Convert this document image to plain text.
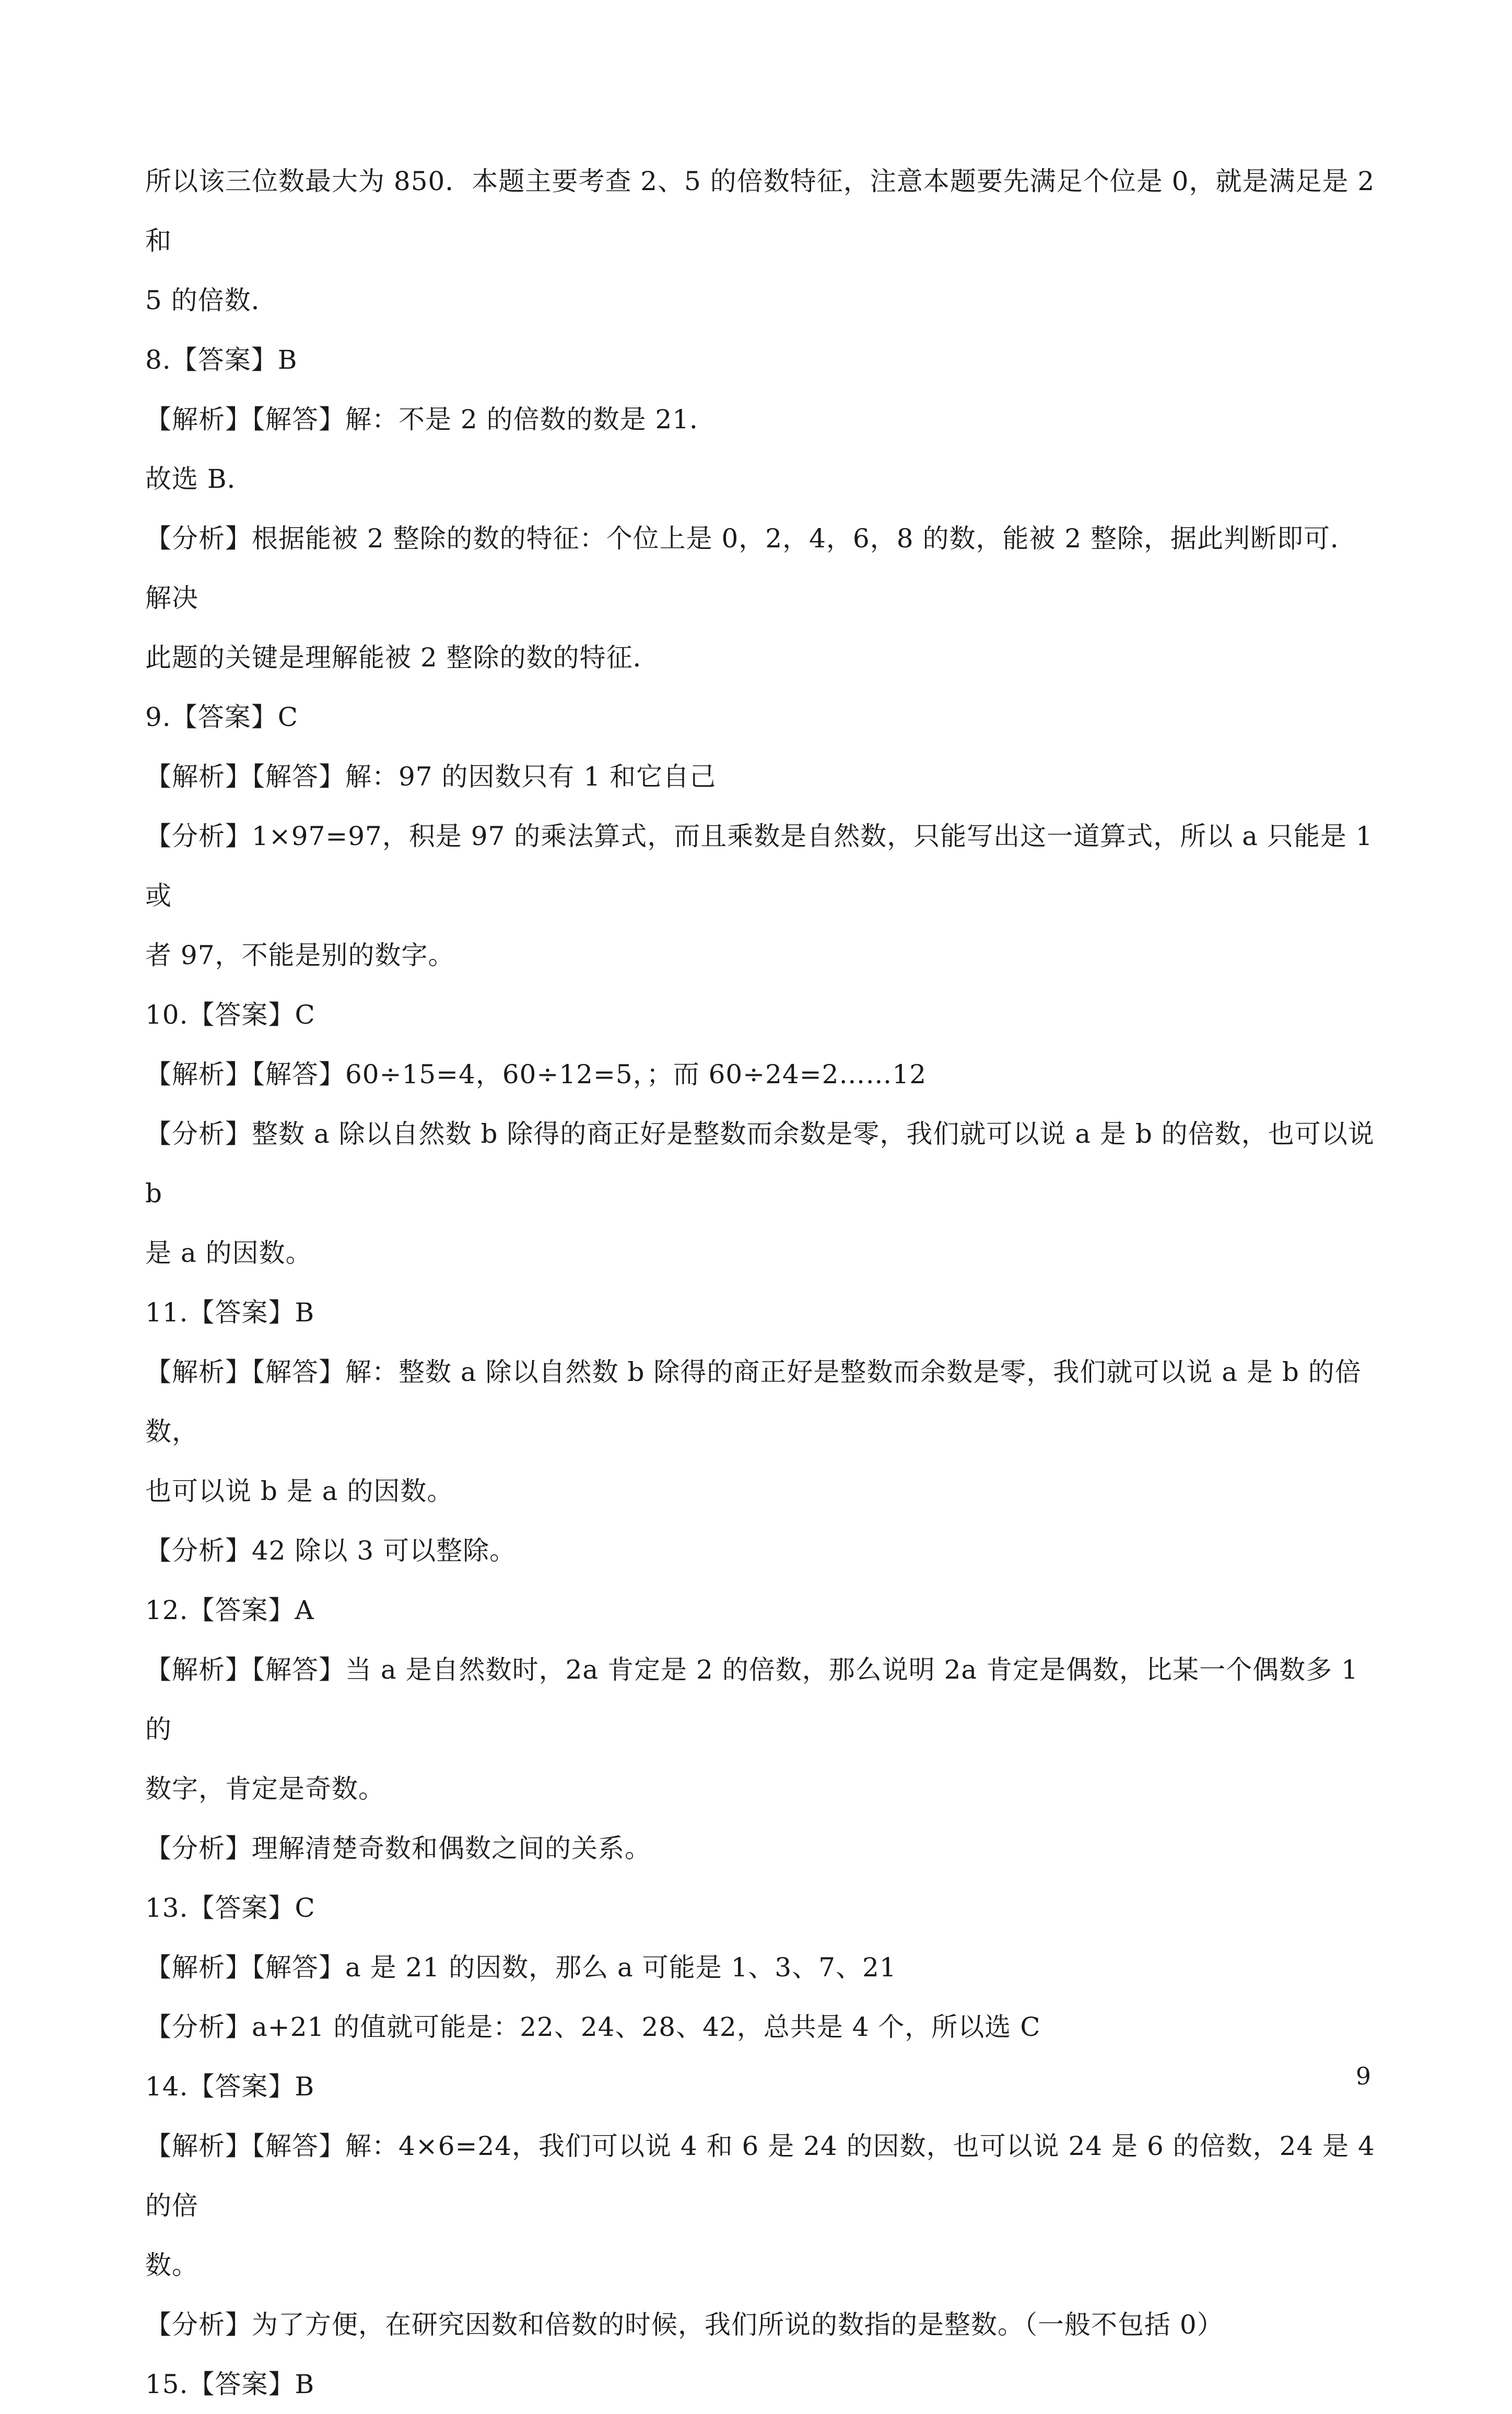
所以该三位数最大为 850．本题主要考查 2、5 的倍数特征，注意本题要先满足个位是 0，就是满足是 2 和
5 的倍数．
8.【答案】B
【解析】【解答】解：不是 2 的倍数的数是 21．
故选 B．
【分析】根据能被 2 整除的数的特征：个位上是 0，2，4，6，8 的数，能被 2 整除，据此判断即可．解决
此题的关键是理解能被 2 整除的数的特征．
9.【答案】C
【解析】【解答】解：97 的因数只有 1 和它自己
【分析】1×97=97，积是 97 的乘法算式，而且乘数是自然数，只能写出这一道算式，所以 a 只能是 1 或
者 97，不能是别的数字。
10.【答案】C
【解析】【解答】60÷15=4，60÷12=5，；而 60÷24=2……12
【分析】整数 a 除以自然数 b 除得的商正好是整数而余数是零，我们就可以说 a 是 b 的倍数，也可以说 b
是 a 的因数。
11.【答案】B
【解析】【解答】解：整数 a 除以自然数 b 除得的商正好是整数而余数是零，我们就可以说 a 是 b 的倍数，
也可以说 b 是 a 的因数。
【分析】42 除以 3 可以整除。
12.【答案】A
【解析】【解答】当 a 是自然数时，2a 肯定是 2 的倍数，那么说明 2a 肯定是偶数，比某一个偶数多 1 的
数字，肯定是奇数。
【分析】理解清楚奇数和偶数之间的关系。
13.【答案】C
【解析】【解答】a 是 21 的因数，那么 a 可能是 1、3、7、21
【分析】a+21 的值就可能是：22、24、28、42，总共是 4 个，所以选 C
14.【答案】B
【解析】【解答】解：4×6=24，我们可以说 4 和 6 是 24 的因数，也可以说 24 是 6 的倍数，24 是 4 的倍
数。
【分析】为了方便，在研究因数和倍数的时候，我们所说的数指的是整数。（一般不包括 0）
15.【答案】B
9
